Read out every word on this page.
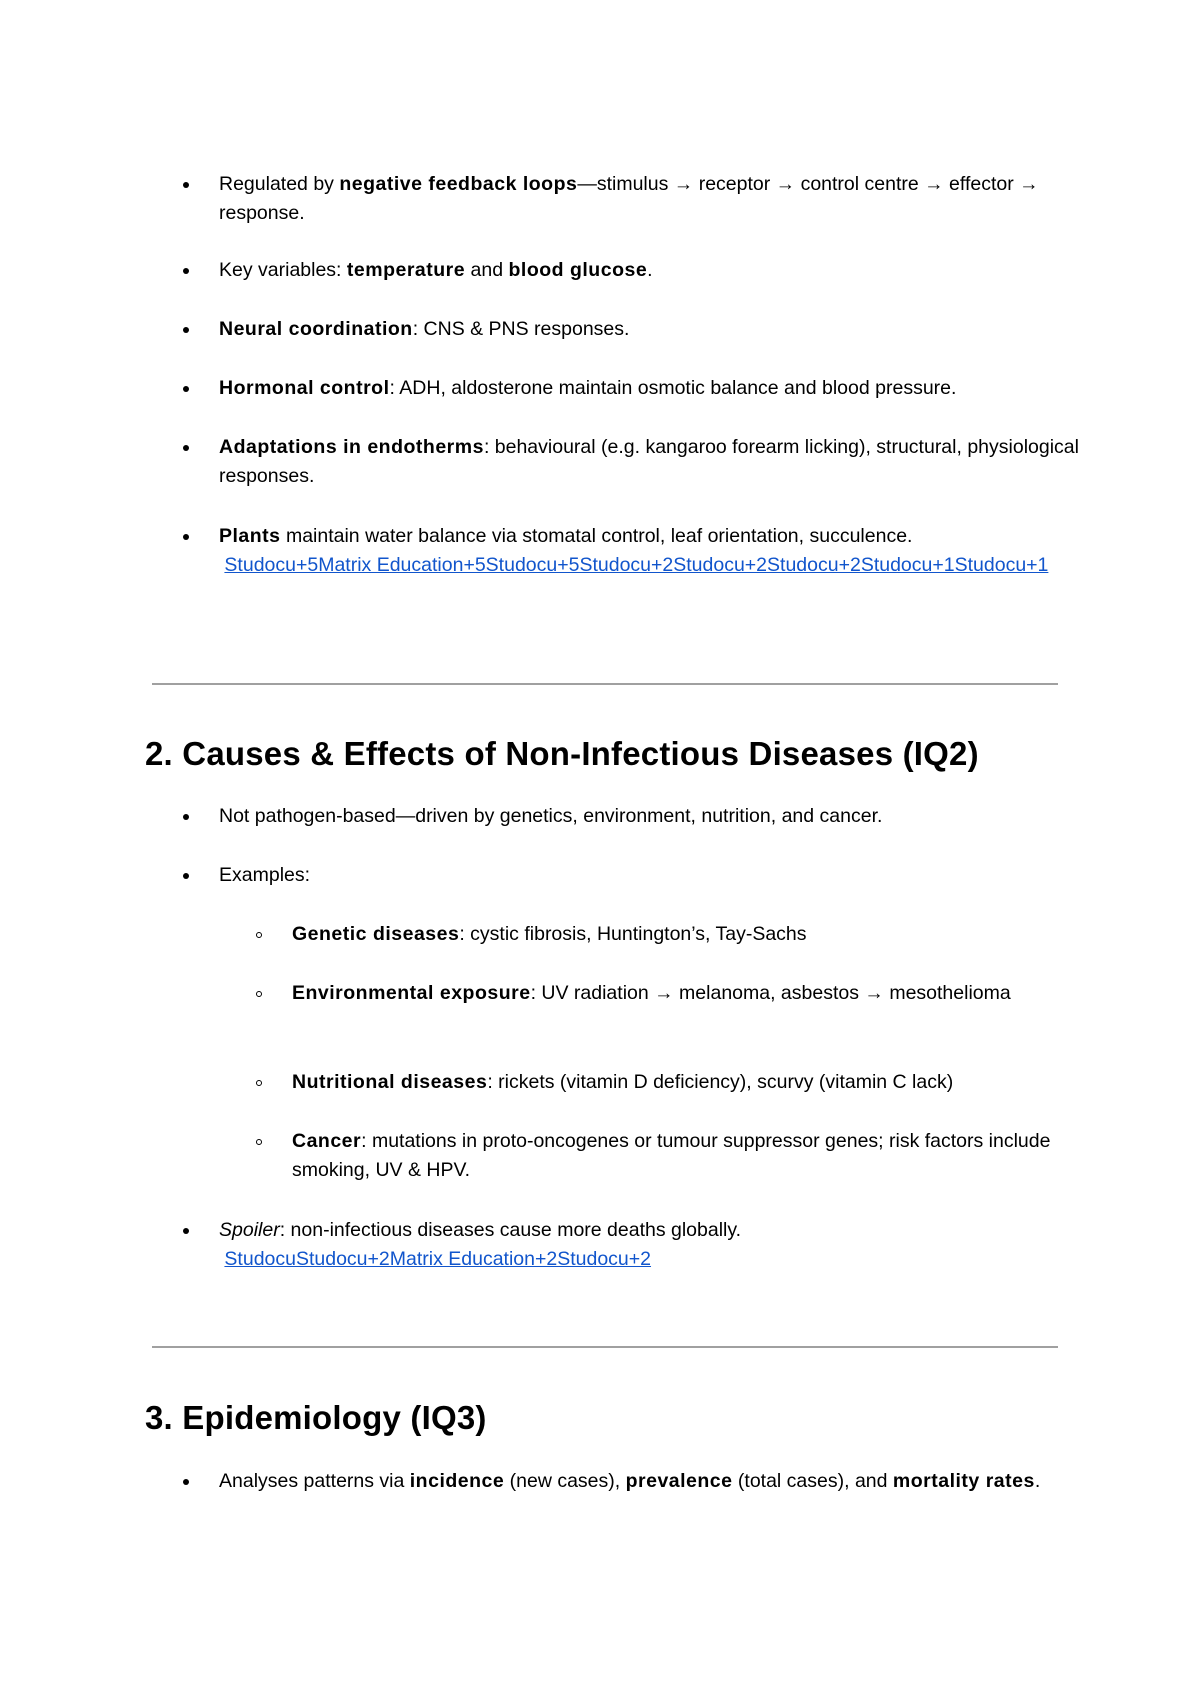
Regulated by negative feedback loops—stimulus → receptor → control centre → effector → response.

Key variables: temperature and blood glucose.

Neural coordination: CNS & PNS responses.

Hormonal control: ADH, aldosterone maintain osmotic balance and blood pressure.

Adaptations in endotherms: behavioural (e.g. kangaroo forearm licking), structural, physiological responses.

Plants maintain water balance via stomatal control, leaf orientation, succulence.
Studocu+5Matrix Education+5Studocu+5Studocu+2Studocu+2Studocu+2Studocu+1Studocu+1

2. Causes & Effects of Non‑Infectious Diseases (IQ2)

Not pathogen-based—driven by genetics, environment, nutrition, and cancer.

Examples:

Genetic diseases: cystic fibrosis, Huntington’s, Tay‑Sachs

Environmental exposure: UV radiation → melanoma, asbestos → mesothelioma

Nutritional diseases: rickets (vitamin D deficiency), scurvy (vitamin C lack)

Cancer: mutations in proto-oncogenes or tumour suppressor genes; risk factors include smoking, UV & HPV.

Spoiler: non-infectious diseases cause more deaths globally.
StudocuStudocu+2Matrix Education+2Studocu+2

3. Epidemiology (IQ3)

Analyses patterns via incidence (new cases), prevalence (total cases), and mortality rates.
